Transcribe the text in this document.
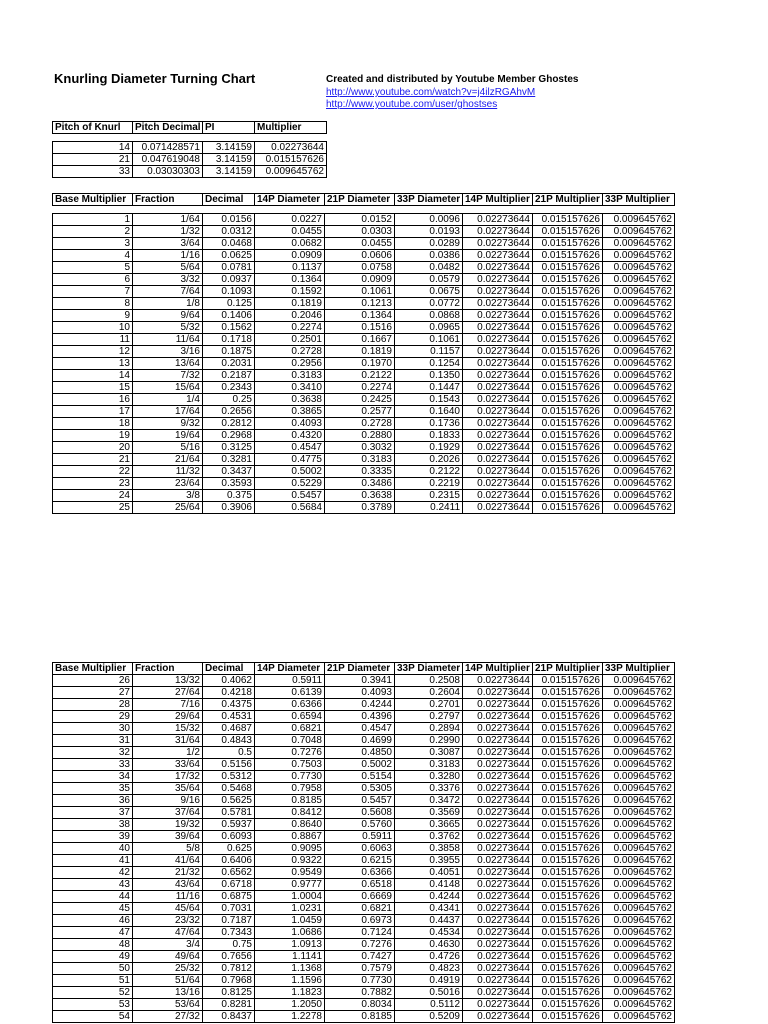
Knurling Diameter Turning Chart	Created and distributed by Youtube Member Ghostes
http://www.youtube.com/watch?v=j4ilzRGAhvM
http://www.youtube.com/user/ghostses
Pitch of Knurl	Pitch Decimal	PI	Multiplier

14	0.071428571	3.14159	0.02273644
21	0.047619048	3.14159	0.015157626
33	0.03030303	3.14159	0.009645762
Base Multiplier	Fraction	Decimal	14P Diameter	21P Diameter	33P Diameter	14P Multiplier	21P Multiplier	33P Multiplier

1	1/64	0.0156	0.0227	0.0152	0.0096	0.02273644	0.015157626	0.009645762
2	1/32	0.0312	0.0455	0.0303	0.0193	0.02273644	0.015157626	0.009645762
3	3/64	0.0468	0.0682	0.0455	0.0289	0.02273644	0.015157626	0.009645762
4	1/16	0.0625	0.0909	0.0606	0.0386	0.02273644	0.015157626	0.009645762
5	5/64	0.0781	0.1137	0.0758	0.0482	0.02273644	0.015157626	0.009645762
6	3/32	0.0937	0.1364	0.0909	0.0579	0.02273644	0.015157626	0.009645762
7	7/64	0.1093	0.1592	0.1061	0.0675	0.02273644	0.015157626	0.009645762
8	1/8	0.125	0.1819	0.1213	0.0772	0.02273644	0.015157626	0.009645762
9	9/64	0.1406	0.2046	0.1364	0.0868	0.02273644	0.015157626	0.009645762
10	5/32	0.1562	0.2274	0.1516	0.0965	0.02273644	0.015157626	0.009645762
11	11/64	0.1718	0.2501	0.1667	0.1061	0.02273644	0.015157626	0.009645762
12	3/16	0.1875	0.2728	0.1819	0.1157	0.02273644	0.015157626	0.009645762
13	13/64	0.2031	0.2956	0.1970	0.1254	0.02273644	0.015157626	0.009645762
14	7/32	0.2187	0.3183	0.2122	0.1350	0.02273644	0.015157626	0.009645762
15	15/64	0.2343	0.3410	0.2274	0.1447	0.02273644	0.015157626	0.009645762
16	1/4	0.25	0.3638	0.2425	0.1543	0.02273644	0.015157626	0.009645762
17	17/64	0.2656	0.3865	0.2577	0.1640	0.02273644	0.015157626	0.009645762
18	9/32	0.2812	0.4093	0.2728	0.1736	0.02273644	0.015157626	0.009645762
19	19/64	0.2968	0.4320	0.2880	0.1833	0.02273644	0.015157626	0.009645762
20	5/16	0.3125	0.4547	0.3032	0.1929	0.02273644	0.015157626	0.009645762
21	21/64	0.3281	0.4775	0.3183	0.2026	0.02273644	0.015157626	0.009645762
22	11/32	0.3437	0.5002	0.3335	0.2122	0.02273644	0.015157626	0.009645762
23	23/64	0.3593	0.5229	0.3486	0.2219	0.02273644	0.015157626	0.009645762
24	3/8	0.375	0.5457	0.3638	0.2315	0.02273644	0.015157626	0.009645762
25	25/64	0.3906	0.5684	0.3789	0.2411	0.02273644	0.015157626	0.009645762
Base Multiplier	Fraction	Decimal	14P Diameter	21P Diameter	33P Diameter	14P Multiplier	21P Multiplier	33P Multiplier
26	13/32	0.4062	0.5911	0.3941	0.2508	0.02273644	0.015157626	0.009645762
27	27/64	0.4218	0.6139	0.4093	0.2604	0.02273644	0.015157626	0.009645762
28	7/16	0.4375	0.6366	0.4244	0.2701	0.02273644	0.015157626	0.009645762
29	29/64	0.4531	0.6594	0.4396	0.2797	0.02273644	0.015157626	0.009645762
30	15/32	0.4687	0.6821	0.4547	0.2894	0.02273644	0.015157626	0.009645762
31	31/64	0.4843	0.7048	0.4699	0.2990	0.02273644	0.015157626	0.009645762
32	1/2	0.5	0.7276	0.4850	0.3087	0.02273644	0.015157626	0.009645762
33	33/64	0.5156	0.7503	0.5002	0.3183	0.02273644	0.015157626	0.009645762
34	17/32	0.5312	0.7730	0.5154	0.3280	0.02273644	0.015157626	0.009645762
35	35/64	0.5468	0.7958	0.5305	0.3376	0.02273644	0.015157626	0.009645762
36	9/16	0.5625	0.8185	0.5457	0.3472	0.02273644	0.015157626	0.009645762
37	37/64	0.5781	0.8412	0.5608	0.3569	0.02273644	0.015157626	0.009645762
38	19/32	0.5937	0.8640	0.5760	0.3665	0.02273644	0.015157626	0.009645762
39	39/64	0.6093	0.8867	0.5911	0.3762	0.02273644	0.015157626	0.009645762
40	5/8	0.625	0.9095	0.6063	0.3858	0.02273644	0.015157626	0.009645762
41	41/64	0.6406	0.9322	0.6215	0.3955	0.02273644	0.015157626	0.009645762
42	21/32	0.6562	0.9549	0.6366	0.4051	0.02273644	0.015157626	0.009645762
43	43/64	0.6718	0.9777	0.6518	0.4148	0.02273644	0.015157626	0.009645762
44	11/16	0.6875	1.0004	0.6669	0.4244	0.02273644	0.015157626	0.009645762
45	45/64	0.7031	1.0231	0.6821	0.4341	0.02273644	0.015157626	0.009645762
46	23/32	0.7187	1.0459	0.6973	0.4437	0.02273644	0.015157626	0.009645762
47	47/64	0.7343	1.0686	0.7124	0.4534	0.02273644	0.015157626	0.009645762
48	3/4	0.75	1.0913	0.7276	0.4630	0.02273644	0.015157626	0.009645762
49	49/64	0.7656	1.1141	0.7427	0.4726	0.02273644	0.015157626	0.009645762
50	25/32	0.7812	1.1368	0.7579	0.4823	0.02273644	0.015157626	0.009645762
51	51/64	0.7968	1.1596	0.7730	0.4919	0.02273644	0.015157626	0.009645762
52	13/16	0.8125	1.1823	0.7882	0.5016	0.02273644	0.015157626	0.009645762
53	53/64	0.8281	1.2050	0.8034	0.5112	0.02273644	0.015157626	0.009645762
54	27/32	0.8437	1.2278	0.8185	0.5209	0.02273644	0.015157626	0.009645762
